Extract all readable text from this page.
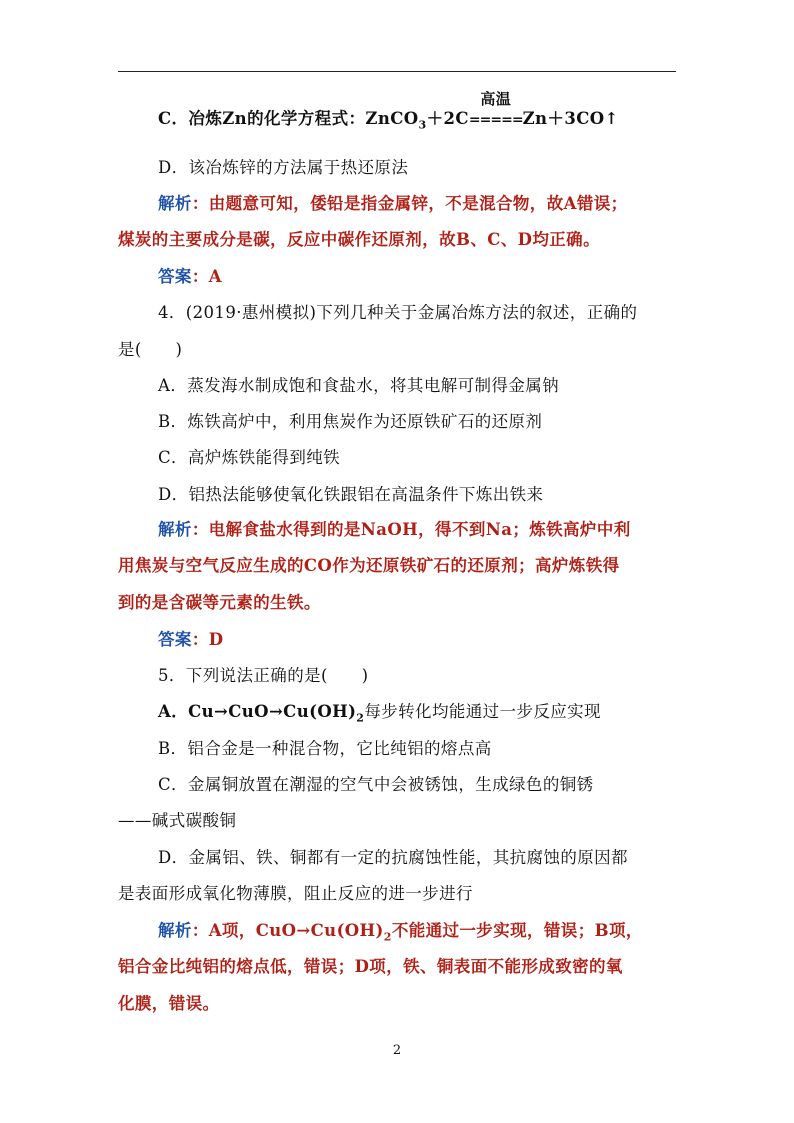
C．冶炼Zn的化学方程式：ZnCO$_3$＋2C
高温
=====Zn＋3CO↑
D．该冶炼锌的方法属于热还原法
解析：由题意可知，倭铅是指金属锌，不是混合物，故A错误；
煤炭的主要成分是碳，反应中碳作还原剂，故B、C、D均正确。
答案：A
4．(2019·惠州模拟)下列几种关于金属冶炼方法的叙述，正确的
是(　　)
A．蒸发海水制成饱和食盐水，将其电解可制得金属钠
B．炼铁高炉中，利用焦炭作为还原铁矿石的还原剂
C．高炉炼铁能得到纯铁
D．铝热法能够使氧化铁跟铝在高温条件下炼出铁来
解析：电解食盐水得到的是NaOH，得不到Na；炼铁高炉中利
用焦炭与空气反应生成的CO作为还原铁矿石的还原剂；高炉炼铁得
到的是含碳等元素的生铁。
答案：D
5．下列说法正确的是(　　)
A．$Cu\to CuO\to Cu(OH)_2$每步转化均能通过一步反应实现
B．铝合金是一种混合物，它比纯铝的熔点高
C．金属铜放置在潮湿的空气中会被锈蚀，生成绿色的铜锈
——碱式碳酸铜
D．金属铝、铁、铜都有一定的抗腐蚀性能，其抗腐蚀的原因都
是表面形成氧化物薄膜，阻止反应的进一步进行
解析：A项，$CuO\to Cu(OH)_2$不能通过一步实现，错误；B项，
铝合金比纯铝的熔点低，错误；D项，铁、铜表面不能形成致密的氧
化膜，错误。
2
